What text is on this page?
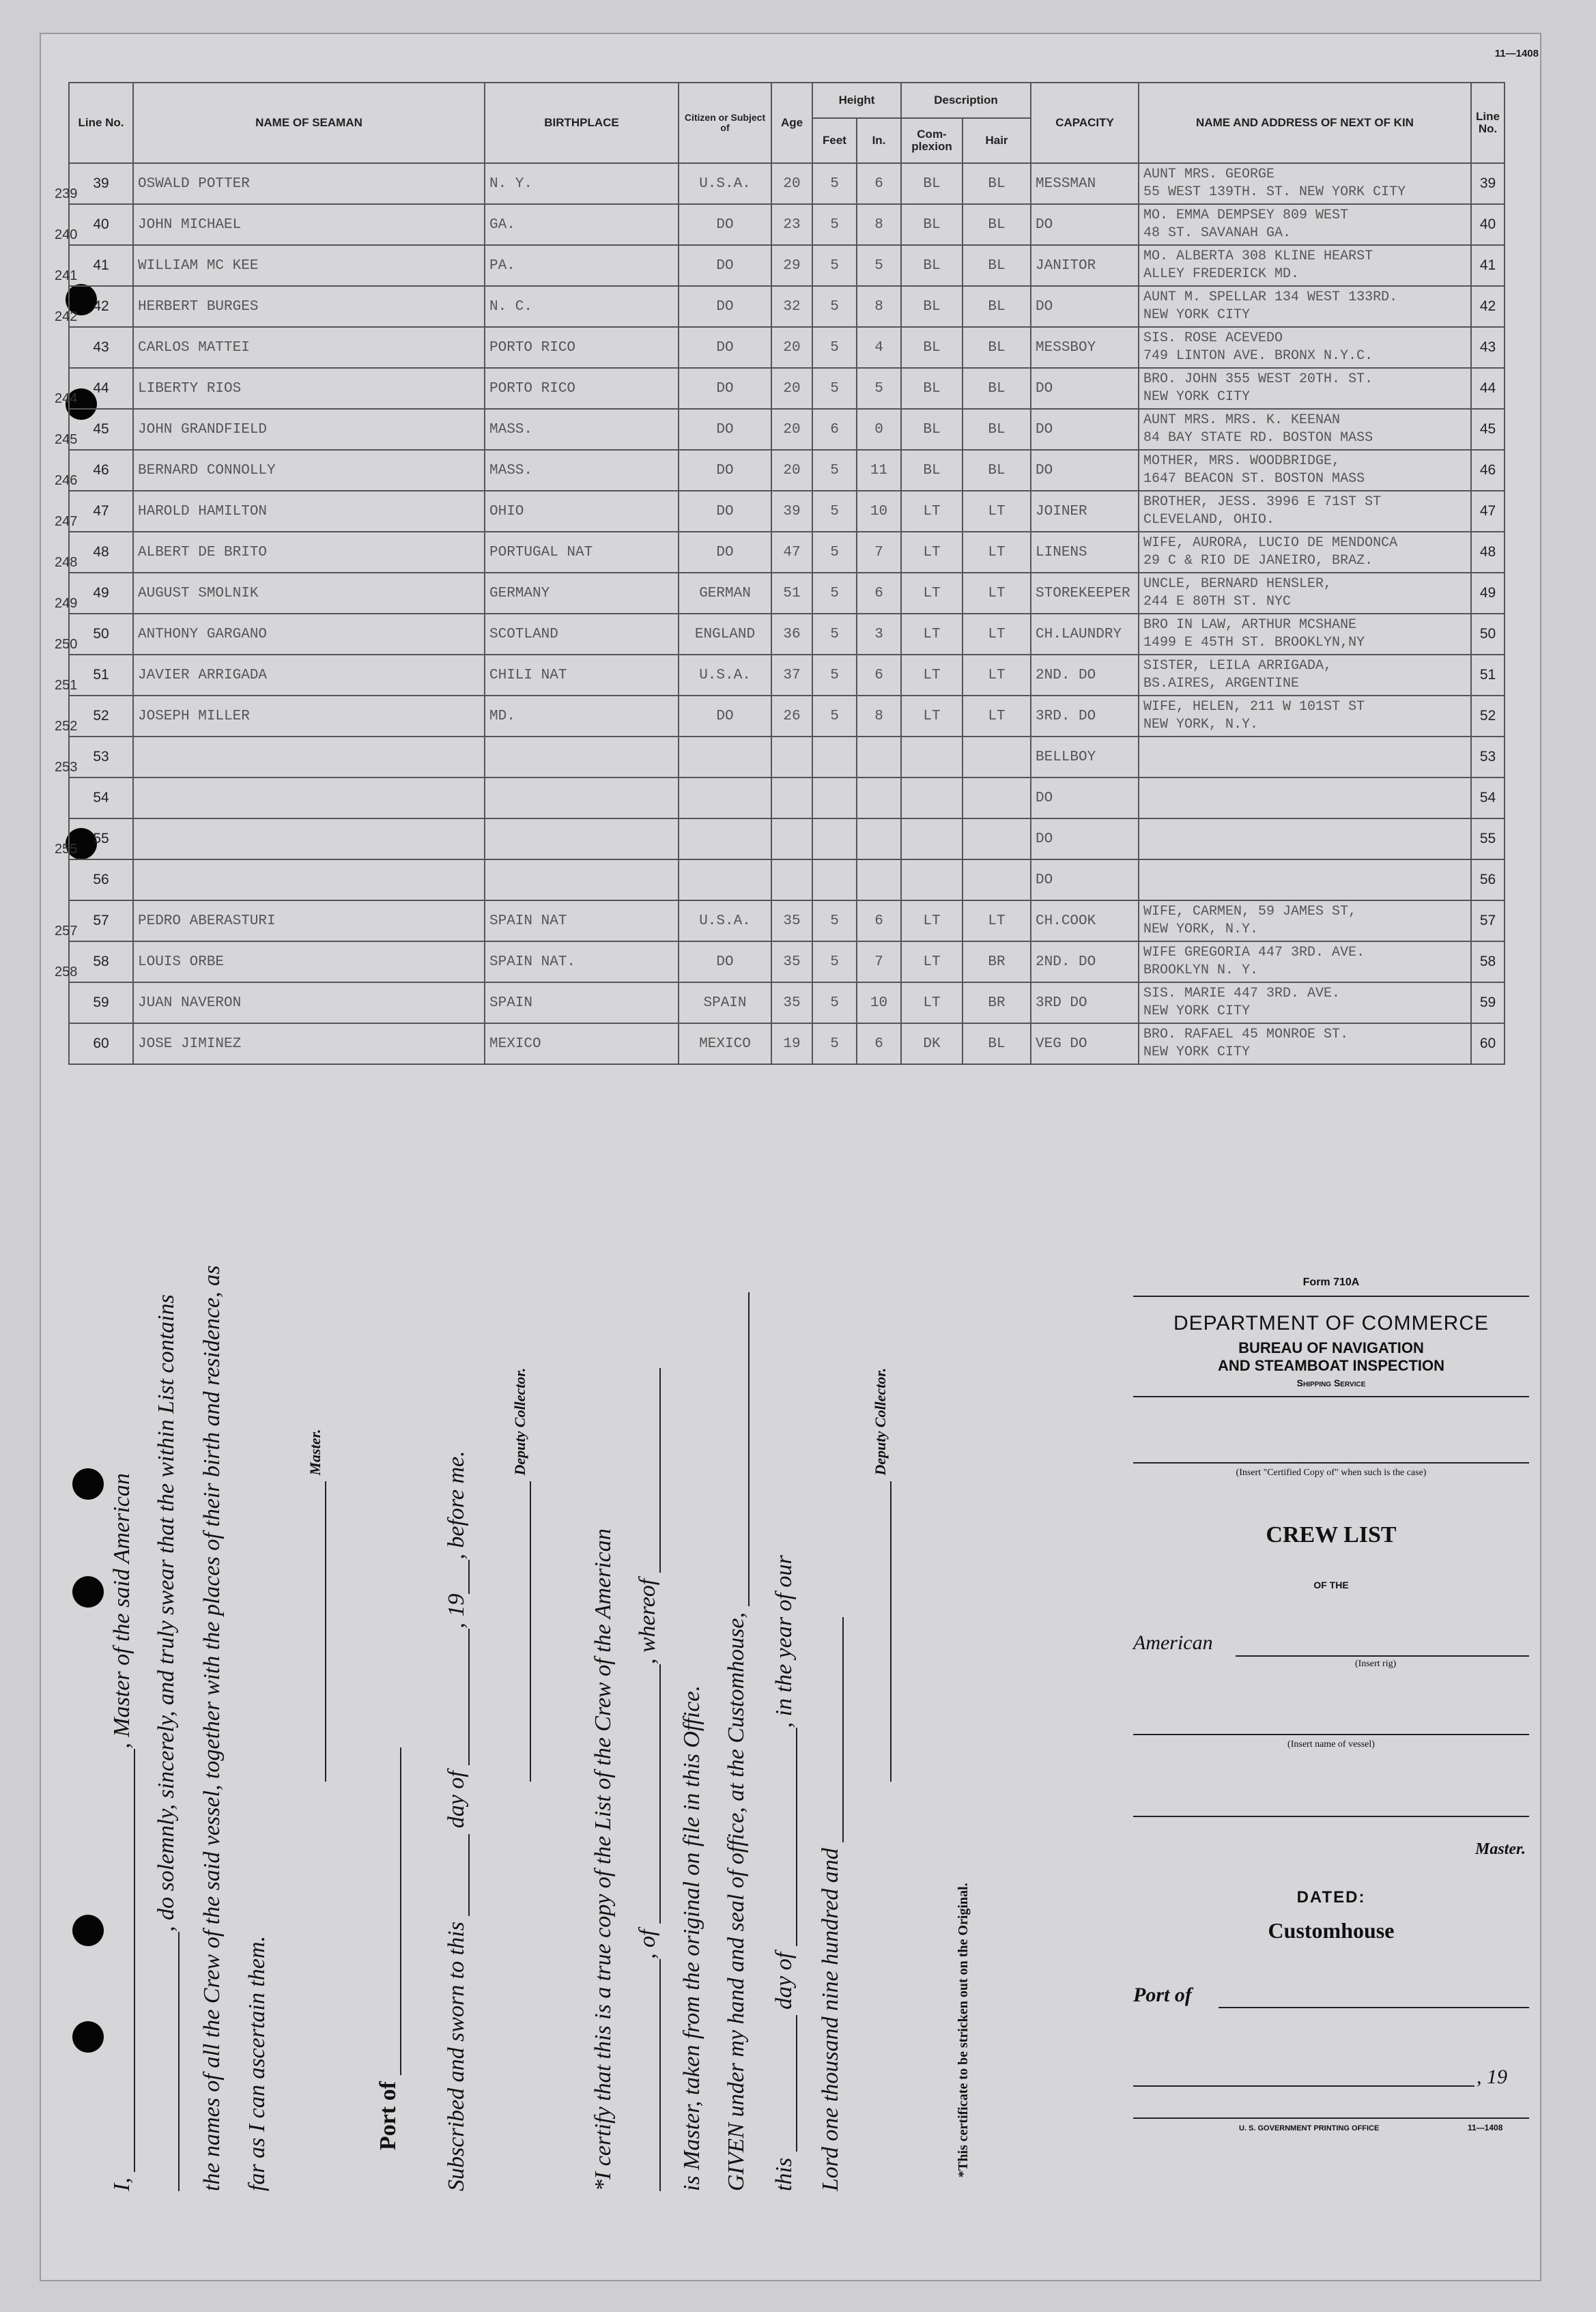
11—1408
Line No.	NAME OF SEAMAN	BIRTHPLACE	Citizen or Subject of	Age	Height		Description		CAPACITY	NAME AND ADDRESS OF NEXT OF KIN	Line No.
					Feet	In.	Com-plexion	Hair			

239
39	OSWALD POTTER	N. Y.	U.S.A.	20	5	6	BL	BL	MESSMAN	AUNT MRS. GEORGE
55 WEST 139TH. ST. NEW YORK CITY	39

240
40	JOHN MICHAEL	GA.	DO	23	5	8	BL	BL	DO	MO. EMMA DEMPSEY 809 WEST
48 ST. SAVANAH GA.	40

241
41	WILLIAM MC KEE	PA.	DO	29	5	5	BL	BL	JANITOR	MO. ALBERTA 308 KLINE HEARST
ALLEY FREDERICK MD.	41

242
42	HERBERT BURGES	N. C.	DO	32	5	8	BL	BL	DO	AUNT M. SPELLAR 134 WEST 133RD.
NEW YORK CITY	42

43	CARLOS MATTEI	PORTO RICO	DO	20	5	4	BL	BL	MESSBOY	SIS. ROSE ACEVEDO
749 LINTON AVE. BRONX N.Y.C.	43

244
44	LIBERTY RIOS	PORTO RICO	DO	20	5	5	BL	BL	DO	BRO. JOHN 355 WEST 20TH. ST.
NEW YORK CITY	44

245
45	JOHN GRANDFIELD	MASS.	DO	20	6	0	BL	BL	DO	AUNT MRS. MRS. K. KEENAN
84 BAY STATE RD. BOSTON MASS	45

246
46	BERNARD CONNOLLY	MASS.	DO	20	5	11	BL	BL	DO	MOTHER, MRS. WOODBRIDGE,
1647 BEACON ST. BOSTON MASS	46

247
47	HAROLD HAMILTON	OHIO	DO	39	5	10	LT	LT	JOINER	BROTHER, JESS. 3996 E 71ST ST
CLEVELAND, OHIO.	47

248
48	ALBERT DE BRITO	PORTUGAL NAT	DO	47	5	7	LT	LT	LINENS	WIFE, AURORA, LUCIO DE MENDONCA
29 C & RIO DE JANEIRO, BRAZ.	48

249
49	AUGUST SMOLNIK	GERMANY	GERMAN	51	5	6	LT	LT	STOREKEEPER	UNCLE, BERNARD HENSLER,
244 E 80TH ST. NYC	49

250
50	ANTHONY GARGANO	SCOTLAND	ENGLAND	36	5	3	LT	LT	CH.LAUNDRY	BRO IN LAW, ARTHUR MCSHANE
1499 E 45TH ST. BROOKLYN,NY	50

251
51	JAVIER ARRIGADA	CHILI NAT	U.S.A.	37	5	6	LT	LT	2ND. DO	SISTER, LEILA ARRIGADA,
BS.AIRES, ARGENTINE	51

252
52	JOSEPH MILLER	MD.	DO	26	5	8	LT	LT	3RD. DO	WIFE, HELEN, 211 W 101ST ST
NEW YORK, N.Y.	52

253
53									BELLBOY		53

54									DO		54

255
55									DO		55

56									DO		56

257
57	PEDRO ABERASTURI	SPAIN NAT	U.S.A.	35	5	6	LT	LT	CH.COOK	WIFE, CARMEN, 59 JAMES ST,
NEW YORK, N.Y.	57

258
58	LOUIS ORBE	SPAIN NAT.	DO	35	5	7	LT	BR	2ND. DO	WIFE GREGORIA 447 3RD. AVE.
BROOKLYN N. Y.	58

59	JUAN NAVERON	SPAIN	SPAIN	35	5	10	LT	BR	3RD DO	SIS. MARIE 447 3RD. AVE.
NEW YORK CITY	59

60	JOSE JIMINEZ	MEXICO	MEXICO	19	5	6	DK	BL	VEG DO	BRO. RAFAEL 45 MONROE ST.
NEW YORK CITY	60
I, , Master of the said American , do solemnly, sincerely, and truly swear that the within List contains the names of all the Crew of the said vessel, together with the places of their birth and residence, as far as I can ascertain them.
Master.
Port of Subscribed and sworn to this  day of , 19, before me.
Deputy Collector.
*I certify that this is a true copy of the List of the Crew of the American , of , whereof
is Master, taken from the original on file in this Office. GIVEN under my hand and seal of office, at the Customhouse, this  day of , in the year of our
Lord one thousand nine hundred and
Deputy Collector.
*This certificate to be stricken out on the Original.
Form 710A
DEPARTMENT OF COMMERCE
BUREAU OF NAVIGATION
AND STEAMBOAT INSPECTION
Shipping Service
(Insert "Certified Copy of" when such is the case)
CREW LIST
OF THE
American
(Insert rig)
(Insert name of vessel)
Master.
DATED:
Customhouse
Port of
, 19
U. S. GOVERNMENT PRINTING OFFICE	11—1408
